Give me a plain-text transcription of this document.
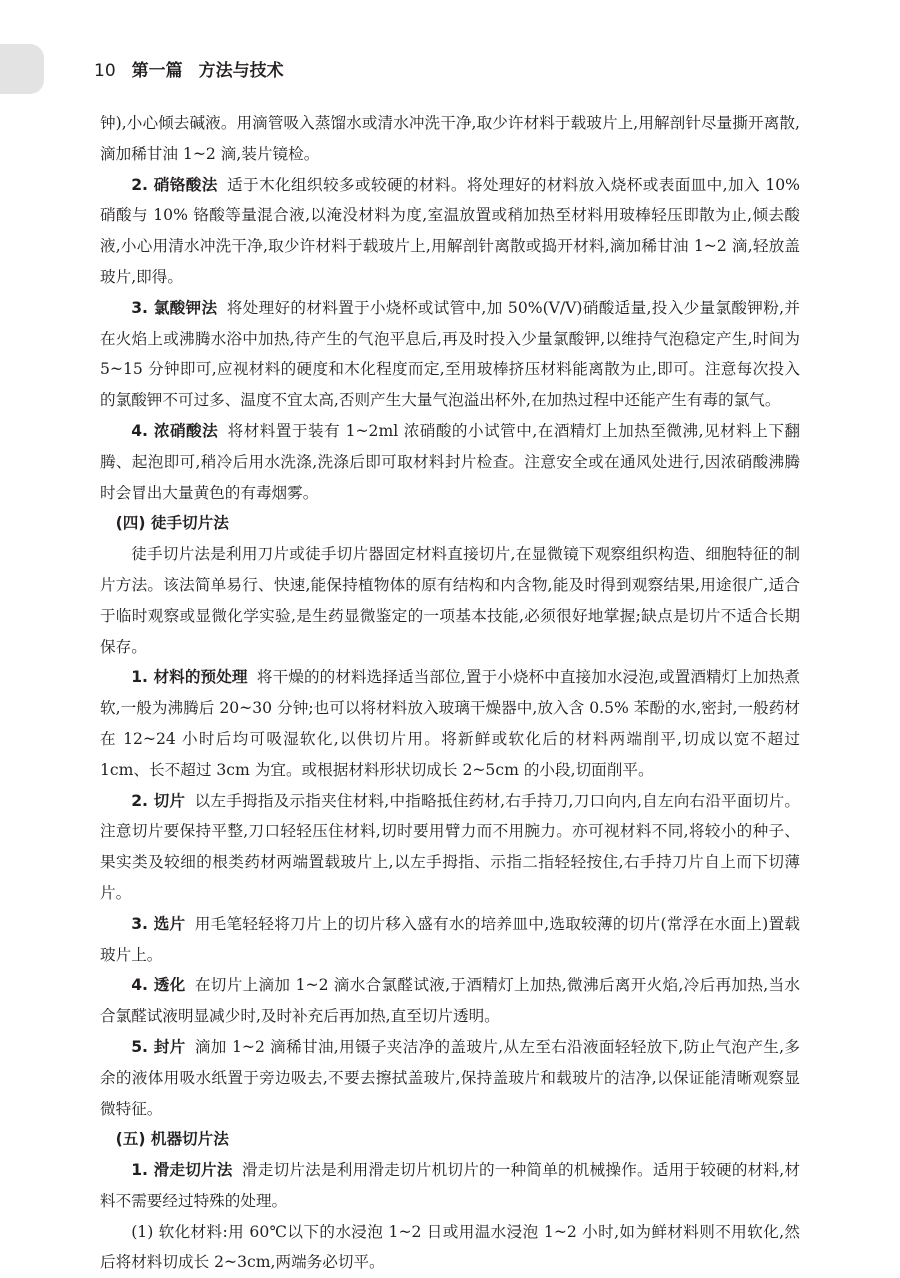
10 第一篇 方法与技术

钟),小心倾去碱液。用滴管吸入蒸馏水或清水冲洗干净,取少许材料于载玻片上,用解剖针尽量撕开离散,滴加稀甘油 1~2 滴,装片镜检。

2. 硝铬酸法 适于木化组织较多或较硬的材料。将处理好的材料放入烧杯或表面皿中,加入 10% 硝酸与 10% 铬酸等量混合液,以淹没材料为度,室温放置或稍加热至材料用玻棒轻压即散为止,倾去酸液,小心用清水冲洗干净,取少许材料于载玻片上,用解剖针离散或捣开材料,滴加稀甘油 1~2 滴,轻放盖玻片,即得。

3. 氯酸钾法 将处理好的材料置于小烧杯或试管中,加 50%(V/V)硝酸适量,投入少量氯酸钾粉,并在火焰上或沸腾水浴中加热,待产生的气泡平息后,再及时投入少量氯酸钾,以维持气泡稳定产生,时间为 5~15 分钟即可,应视材料的硬度和木化程度而定,至用玻棒挤压材料能离散为止,即可。注意每次投入的氯酸钾不可过多、温度不宜太高,否则产生大量气泡溢出杯外,在加热过程中还能产生有毒的氯气。

4. 浓硝酸法 将材料置于装有 1~2ml 浓硝酸的小试管中,在酒精灯上加热至微沸,见材料上下翻腾、起泡即可,稍冷后用水洗涤,洗涤后即可取材料封片检查。注意安全或在通风处进行,因浓硝酸沸腾时会冒出大量黄色的有毒烟雾。

(四) 徒手切片法

徒手切片法是利用刀片或徒手切片器固定材料直接切片,在显微镜下观察组织构造、细胞特征的制片方法。该法简单易行、快速,能保持植物体的原有结构和内含物,能及时得到观察结果,用途很广,适合于临时观察或显微化学实验,是生药显微鉴定的一项基本技能,必须很好地掌握;缺点是切片不适合长期保存。

1. 材料的预处理 将干燥的的材料选择适当部位,置于小烧杯中直接加水浸泡,或置酒精灯上加热煮软,一般为沸腾后 20~30 分钟;也可以将材料放入玻璃干燥器中,放入含 0.5% 苯酚的水,密封,一般药材在 12~24 小时后均可吸湿软化,以供切片用。将新鲜或软化后的材料两端削平,切成以宽不超过 1cm、长不超过 3cm 为宜。或根据材料形状切成长 2~5cm 的小段,切面削平。

2. 切片 以左手拇指及示指夹住材料,中指略抵住药材,右手持刀,刀口向内,自左向右沿平面切片。注意切片要保持平整,刀口轻轻压住材料,切时要用臂力而不用腕力。亦可视材料不同,将较小的种子、果实类及较细的根类药材两端置载玻片上,以左手拇指、示指二指轻轻按住,右手持刀片自上而下切薄片。

3. 选片 用毛笔轻轻将刀片上的切片移入盛有水的培养皿中,选取较薄的切片(常浮在水面上)置载玻片上。

4. 透化 在切片上滴加 1~2 滴水合氯醛试液,于酒精灯上加热,微沸后离开火焰,冷后再加热,当水合氯醛试液明显减少时,及时补充后再加热,直至切片透明。

5. 封片 滴加 1~2 滴稀甘油,用镊子夹洁净的盖玻片,从左至右沿液面轻轻放下,防止气泡产生,多余的液体用吸水纸置于旁边吸去,不要去擦拭盖玻片,保持盖玻片和载玻片的洁净,以保证能清晰观察显微特征。

(五) 机器切片法

1. 滑走切片法 滑走切片法是利用滑走切片机切片的一种简单的机械操作。适用于较硬的材料,材料不需要经过特殊的处理。

(1) 软化材料:用 60℃以下的水浸泡 1~2 日或用温水浸泡 1~2 小时,如为鲜材料则不用软化,然后将材料切成长 2~3cm,两端务必切平。
